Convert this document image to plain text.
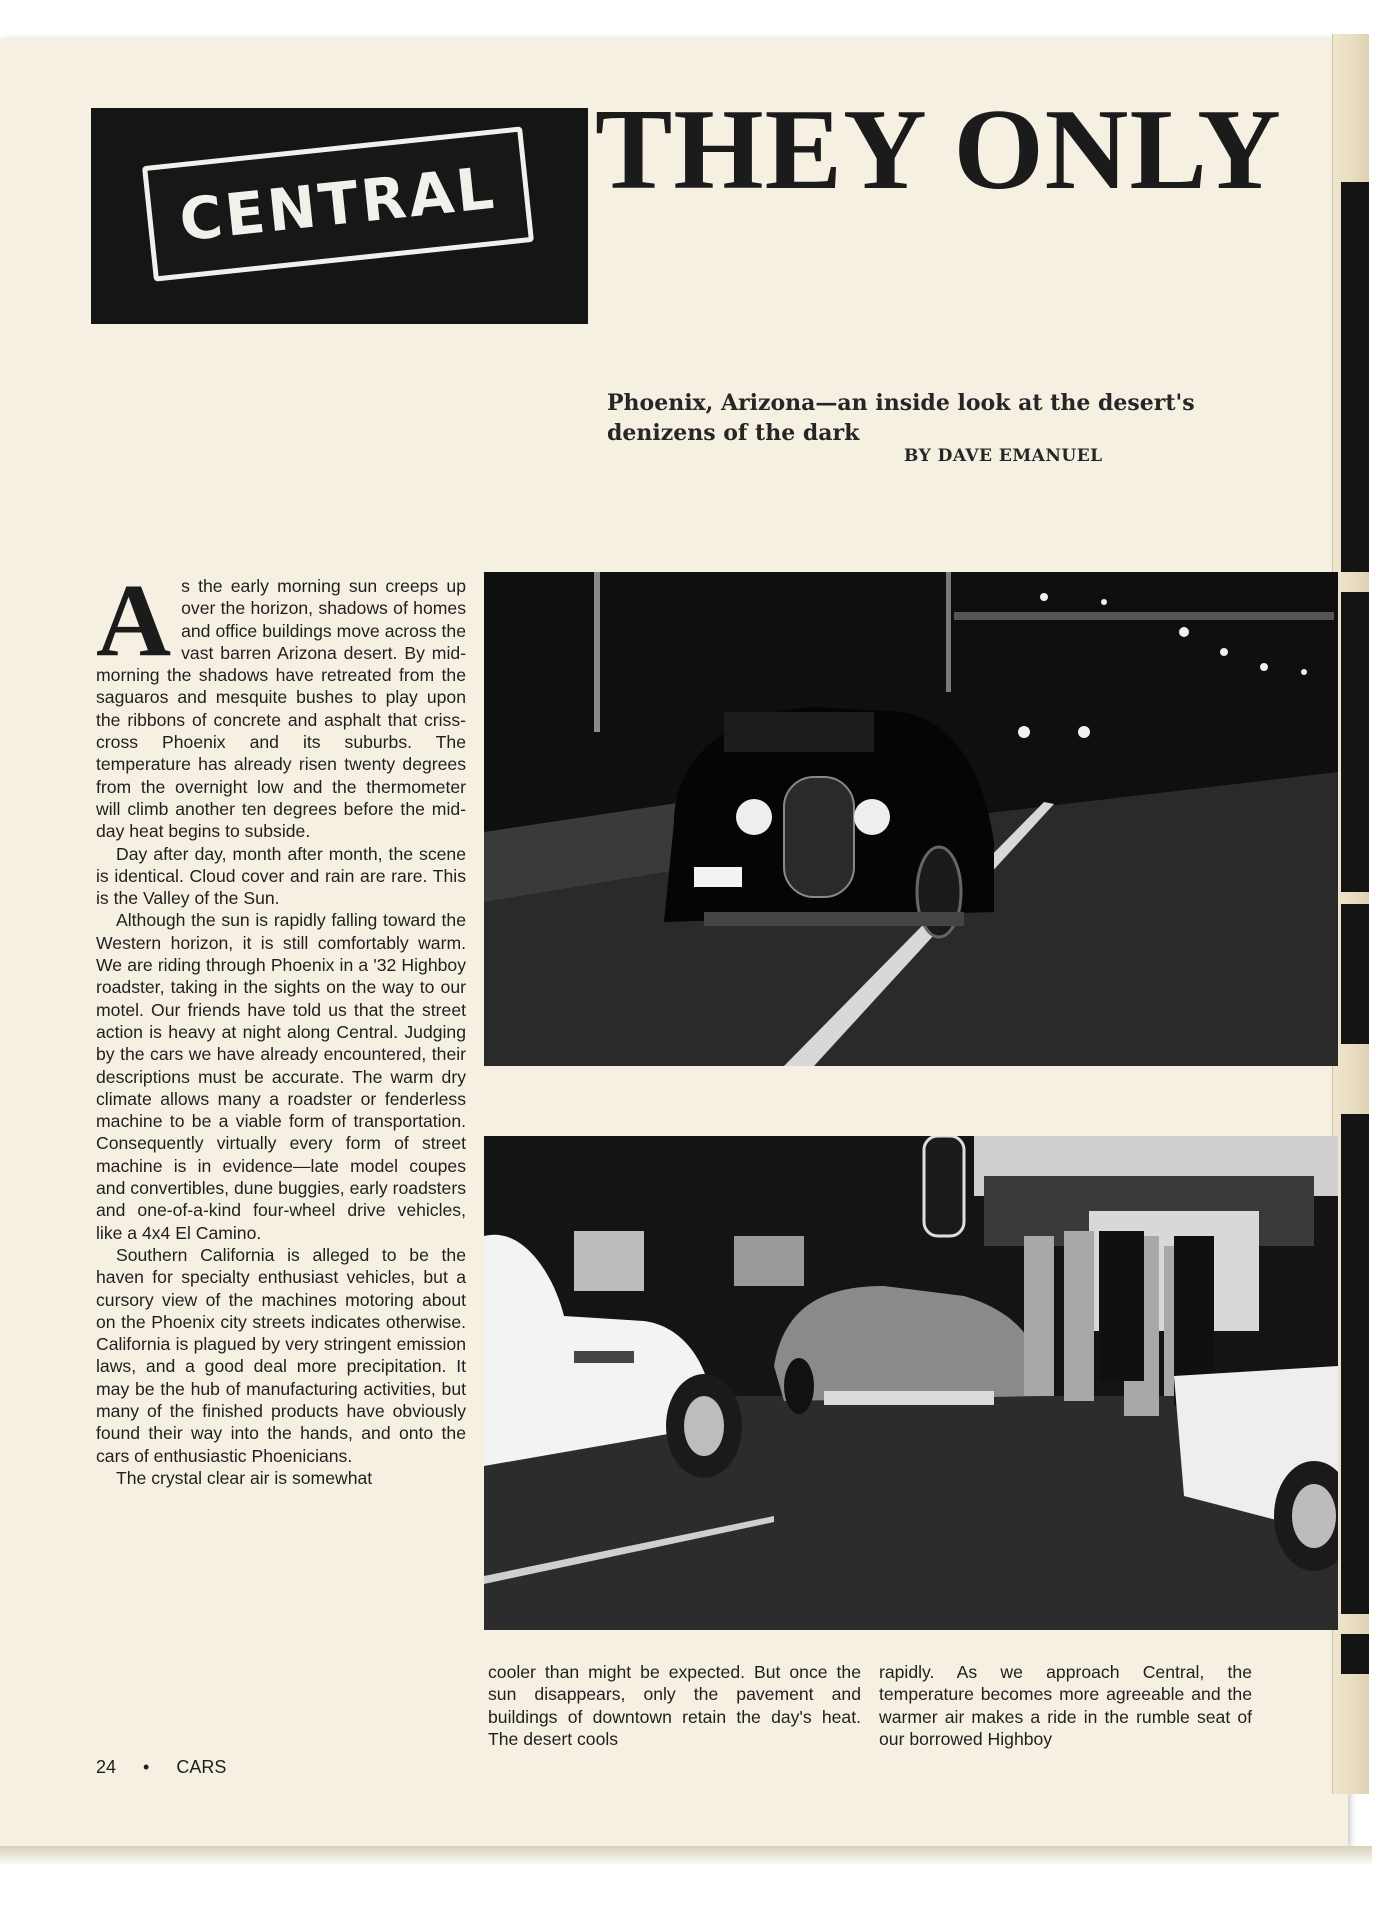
CENTRAL THEY ONLY
Phoenix, Arizona—an inside look at the desert's denizens of the dark
BY DAVE EMANUEL
A s the early morning sun creeps up over the horizon, shadows of homes and office buildings move across the vast barren Arizona desert. By mid-morning the shadows have retreated from the saguaros and mesquite bushes to play upon the ribbons of concrete and asphalt that criss-cross Phoenix and its suburbs. The temperature has already risen twenty degrees from the overnight low and the thermometer will climb another ten degrees before the mid-day heat begins to subside.

Day after day, month after month, the scene is identical. Cloud cover and rain are rare. This is the Valley of the Sun.

Although the sun is rapidly falling toward the Western horizon, it is still comfortably warm. We are riding through Phoenix in a '32 Highboy roadster, taking in the sights on the way to our motel. Our friends have told us that the street action is heavy at night along Central. Judging by the cars we have already encountered, their descriptions must be accurate. The warm dry climate allows many a roadster or fenderless machine to be a viable form of transportation. Consequently virtually every form of street machine is in evidence—late model coupes and convertibles, dune buggies, early roadsters and one-of-a-kind four-wheel drive vehicles, like a 4x4 El Camino.

Southern California is alleged to be the haven for specialty enthusiast vehicles, but a cursory view of the machines motoring about on the Phoenix city streets indicates otherwise. California is plagued by very stringent emission laws, and a good deal more precipitation. It may be the hub of manufacturing activities, but many of the finished products have obviously found their way into the hands, and onto the cars of enthusiastic Phoenicians.

The crystal clear air is somewhat

cooler than might be expected. But once the sun disappears, only the pavement and buildings of downtown retain the day's heat. The desert cools

rapidly. As we approach Central, the temperature becomes more agreeable and the warmer air makes a ride in the rumble seat of our borrowed Highboy

24 • CARS
